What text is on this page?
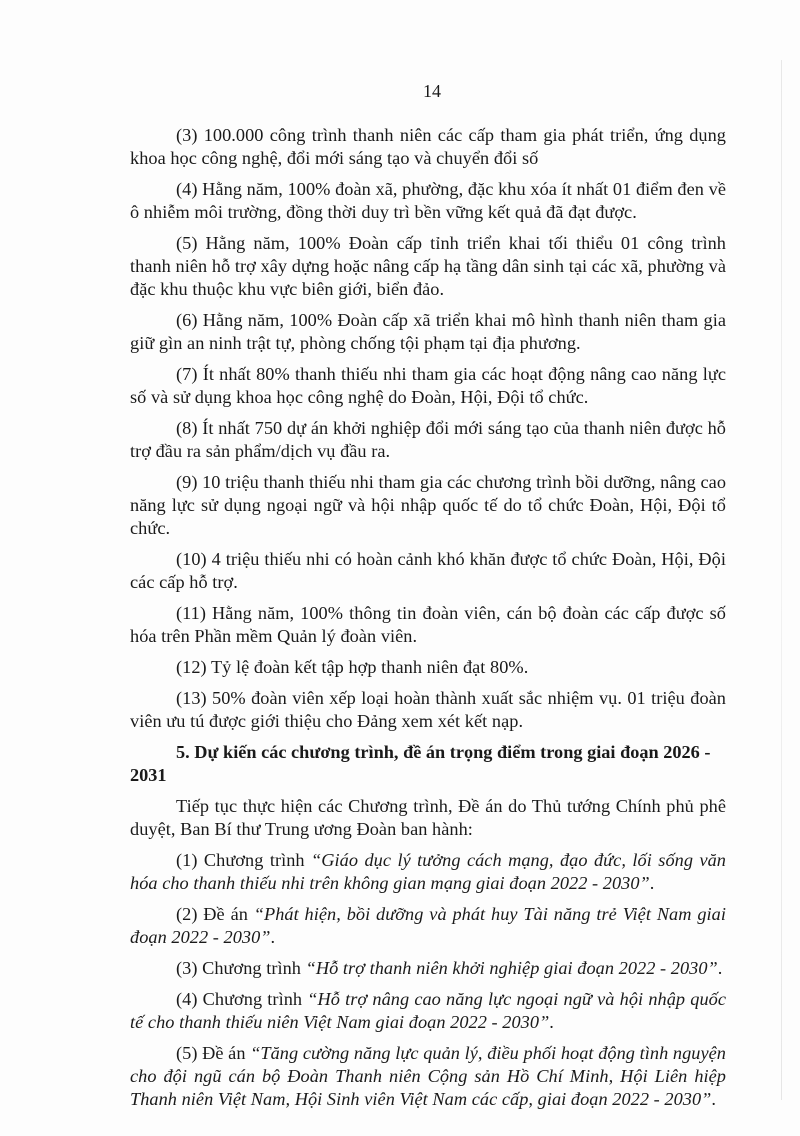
14

(3) 100.000 công trình thanh niên các cấp tham gia phát triển, ứng dụng khoa học công nghệ, đổi mới sáng tạo và chuyển đổi số

(4) Hằng năm, 100% đoàn xã, phường, đặc khu xóa ít nhất 01 điểm đen về ô nhiễm môi trường, đồng thời duy trì bền vững kết quả đã đạt được.

(5) Hằng năm, 100% Đoàn cấp tỉnh triển khai tối thiểu 01 công trình thanh niên hỗ trợ xây dựng hoặc nâng cấp hạ tầng dân sinh tại các xã, phường và đặc khu thuộc khu vực biên giới, biển đảo.

(6) Hằng năm, 100% Đoàn cấp xã triển khai mô hình thanh niên tham gia giữ gìn an ninh trật tự, phòng chống tội phạm tại địa phương.

(7) Ít nhất 80% thanh thiếu nhi tham gia các hoạt động nâng cao năng lực số và sử dụng khoa học công nghệ do Đoàn, Hội, Đội tổ chức.

(8) Ít nhất 750 dự án khởi nghiệp đổi mới sáng tạo của thanh niên được hỗ trợ đầu ra sản phẩm/dịch vụ đầu ra.

(9) 10 triệu thanh thiếu nhi tham gia các chương trình bồi dưỡng, nâng cao năng lực sử dụng ngoại ngữ và hội nhập quốc tế do tổ chức Đoàn, Hội, Đội tổ chức.

(10) 4 triệu thiếu nhi có hoàn cảnh khó khăn được tổ chức Đoàn, Hội, Đội các cấp hỗ trợ.

(11) Hằng năm, 100% thông tin đoàn viên, cán bộ đoàn các cấp được số hóa trên Phần mềm Quản lý đoàn viên.

(12) Tỷ lệ đoàn kết tập hợp thanh niên đạt 80%.

(13) 50% đoàn viên xếp loại hoàn thành xuất sắc nhiệm vụ. 01 triệu đoàn viên ưu tú được giới thiệu cho Đảng xem xét kết nạp.

5. Dự kiến các chương trình, đề án trọng điểm trong giai đoạn 2026 - 2031

Tiếp tục thực hiện các Chương trình, Đề án do Thủ tướng Chính phủ phê duyệt, Ban Bí thư Trung ương Đoàn ban hành:

(1) Chương trình “Giáo dục lý tưởng cách mạng, đạo đức, lối sống văn hóa cho thanh thiếu nhi trên không gian mạng giai đoạn 2022 - 2030”.

(2) Đề án “Phát hiện, bồi dưỡng và phát huy Tài năng trẻ Việt Nam giai đoạn 2022 - 2030”.

(3) Chương trình “Hỗ trợ thanh niên khởi nghiệp giai đoạn 2022 - 2030”.

(4) Chương trình “Hỗ trợ nâng cao năng lực ngoại ngữ và hội nhập quốc tế cho thanh thiếu niên Việt Nam giai đoạn 2022 - 2030”.

(5) Đề án “Tăng cường năng lực quản lý, điều phối hoạt động tình nguyện cho đội ngũ cán bộ Đoàn Thanh niên Cộng sản Hồ Chí Minh, Hội Liên hiệp Thanh niên Việt Nam, Hội Sinh viên Việt Nam các cấp, giai đoạn 2022 - 2030”.
